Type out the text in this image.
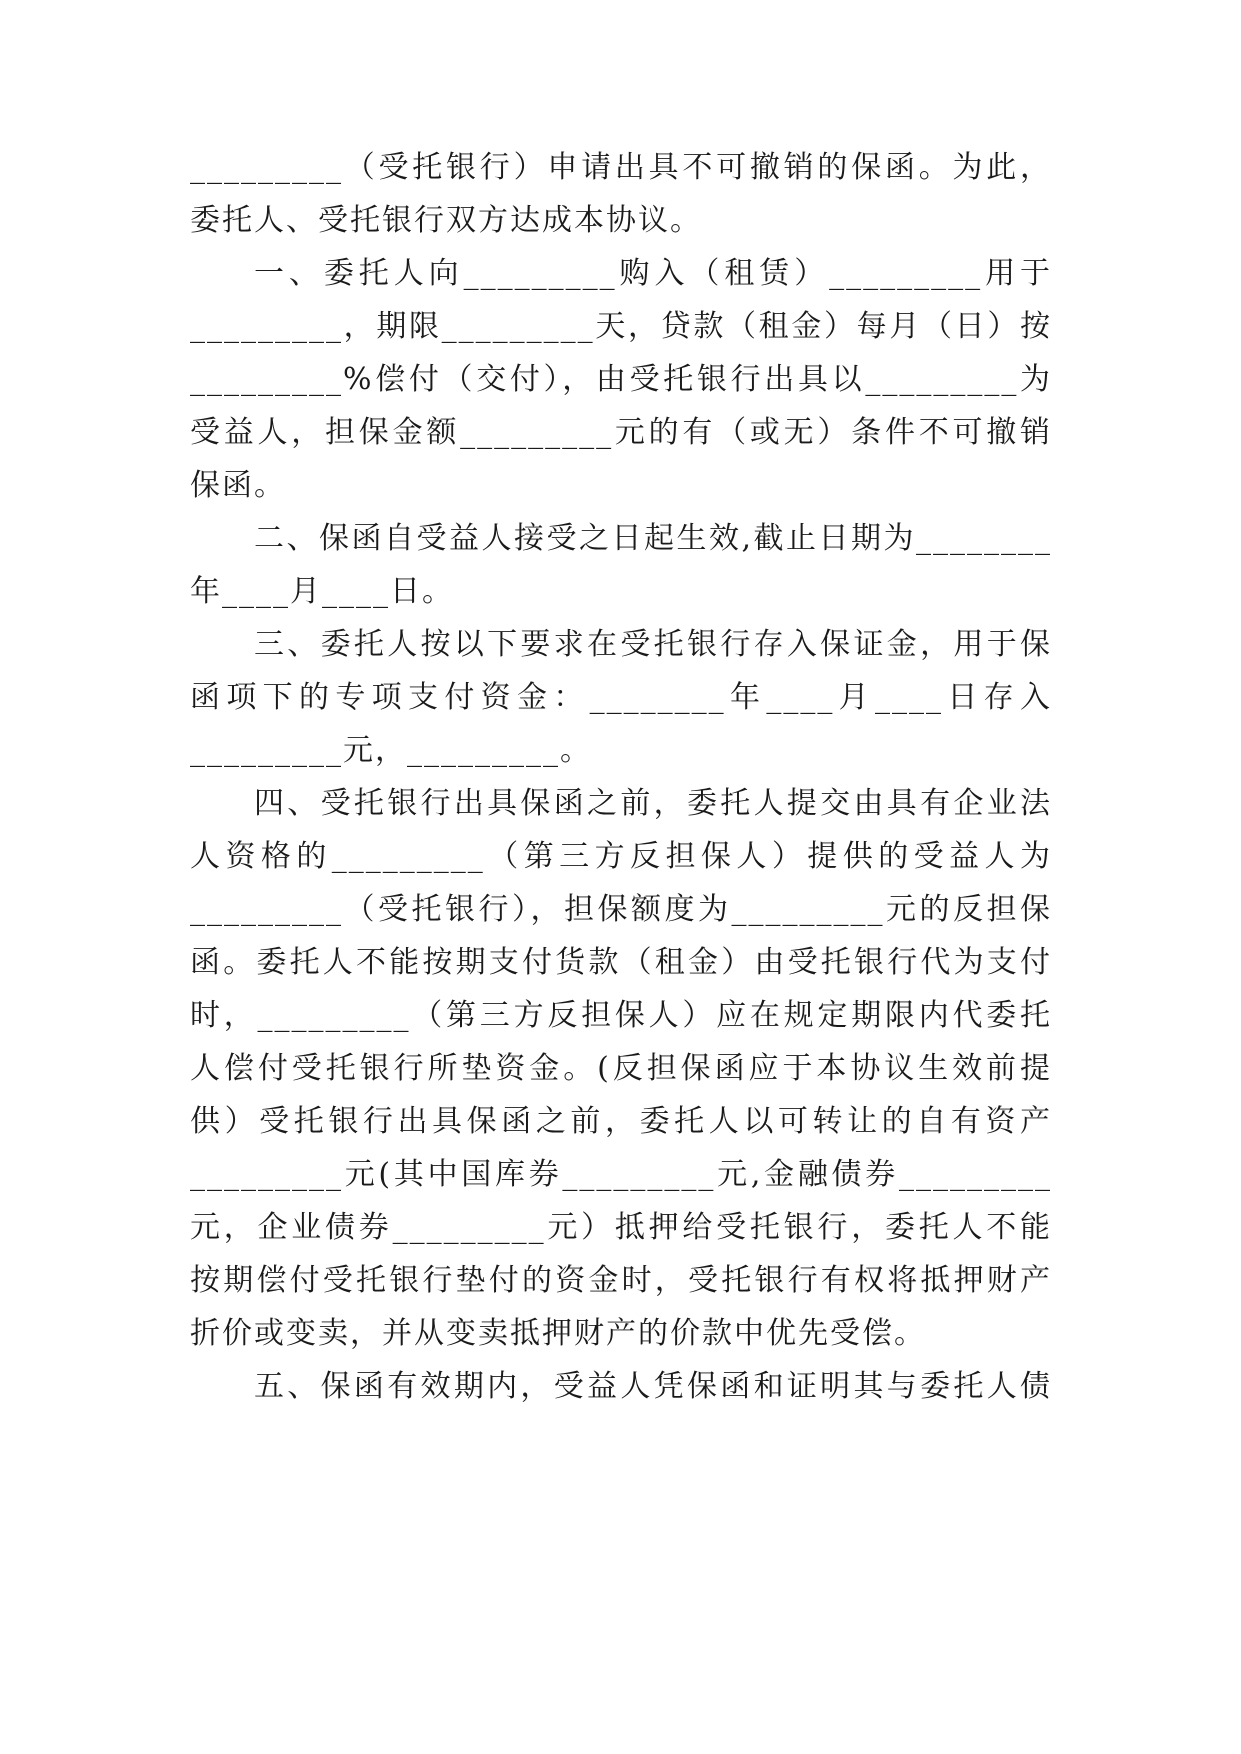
_________（受托银行）申请出具不可撤销的保函。为此，
委托人、受托银行双方达成本协议。
一、委托人向_________购入（租赁）_________用于
_________，期限_________天，贷款（租金）每月（日）按
_________%偿付（交付），由受托银行出具以_________为
受益人，担保金额_________元的有（或无）条件不可撤销
保函。
二、保函自受益人接受之日起生效,截止日期为________
年____月____日。
三、委托人按以下要求在受托银行存入保证金，用于保
函项下的专项支付资金：________年____月____日存入
_________元，_________。
四、受托银行出具保函之前，委托人提交由具有企业法
人资格的_________（第三方反担保人）提供的受益人为
_________（受托银行），担保额度为_________元的反担保
函。委托人不能按期支付货款（租金）由受托银行代为支付
时，_________（第三方反担保人）应在规定期限内代委托
人偿付受托银行所垫资金。(反担保函应于本协议生效前提
供）受托银行出具保函之前，委托人以可转让的自有资产
_________元(其中国库券_________元,金融债券_________
元，企业债券_________元）抵押给受托银行，委托人不能
按期偿付受托银行垫付的资金时，受托银行有权将抵押财产
折价或变卖，并从变卖抵押财产的价款中优先受偿。
五、保函有效期内，受益人凭保函和证明其与委托人债
